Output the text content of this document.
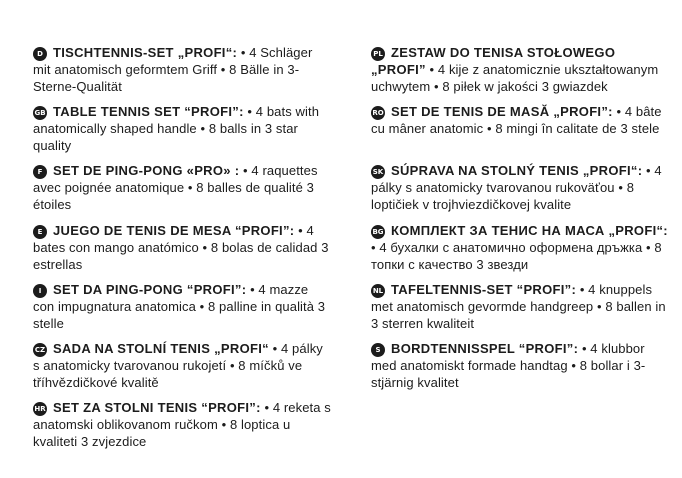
D TISCHTENNIS-SET „PROFI“: • 4 Schläger mit anatomisch geformtem Griff • 8 Bälle in 3-Sterne-Qualität
GB TABLE TENNIS SET “PROFI”: • 4 bats with anatomically shaped handle • 8 balls in 3 star quality
F SET DE PING-PONG «PRO» : • 4 raquettes avec poignée anatomique • 8 balles de qualité 3 étoiles
E JUEGO DE TENIS DE MESA “PROFI”: • 4 bates con mango anatómico • 8 bolas de calidad 3 estrellas
I SET DA PING-PONG “PROFI”: • 4 mazze con impugnatura anatomica • 8 palline in qualità 3 stelle
CZ SADA NA STOLNÍ TENIS „PROFI“ • 4 pálky s anatomicky tvarovanou rukojetí • 8 míčků ve tříhvězdičkové kvalitě
HR SET ZA STOLNI TENIS “PROFI”: • 4 reketa s anatomski oblikovanom ručkom • 8 loptica u kvaliteti 3 zvjezdice
PL ZESTAW DO TENISA STOŁOWEGO „PROFI” • 4 kije z anatomicznie ukształtowanym uchwytem • 8 piłek w jakości 3 gwiazdek
RO SET DE TENIS DE MASĂ „PROFI”: • 4 bâte cu mâner anatomic • 8 mingi în calitate de 3 stele
SK SÚPRAVA NA STOLNÝ TENIS „PROFI“: • 4 pálky s anatomicky tvarovanou rukoväťou • 8 loptičiek v trojhviezdičkovej kvalite
BG КОМПЛЕКТ ЗА ТЕНИС НА МАСА „PROFI“: • 4 бухалки с анатомично оформена дръжка • 8 топки с качество 3 звезди
NL TAFELTENNIS-SET “PROFI”: • 4 knuppels met anatomisch gevormde handgreep • 8 ballen in 3 sterren kwaliteit
S BORDTENNISSPEL “PROFI”: • 4 klubbor med anatomiskt formade handtag • 8 bollar i 3-stjärnig kvalitet
